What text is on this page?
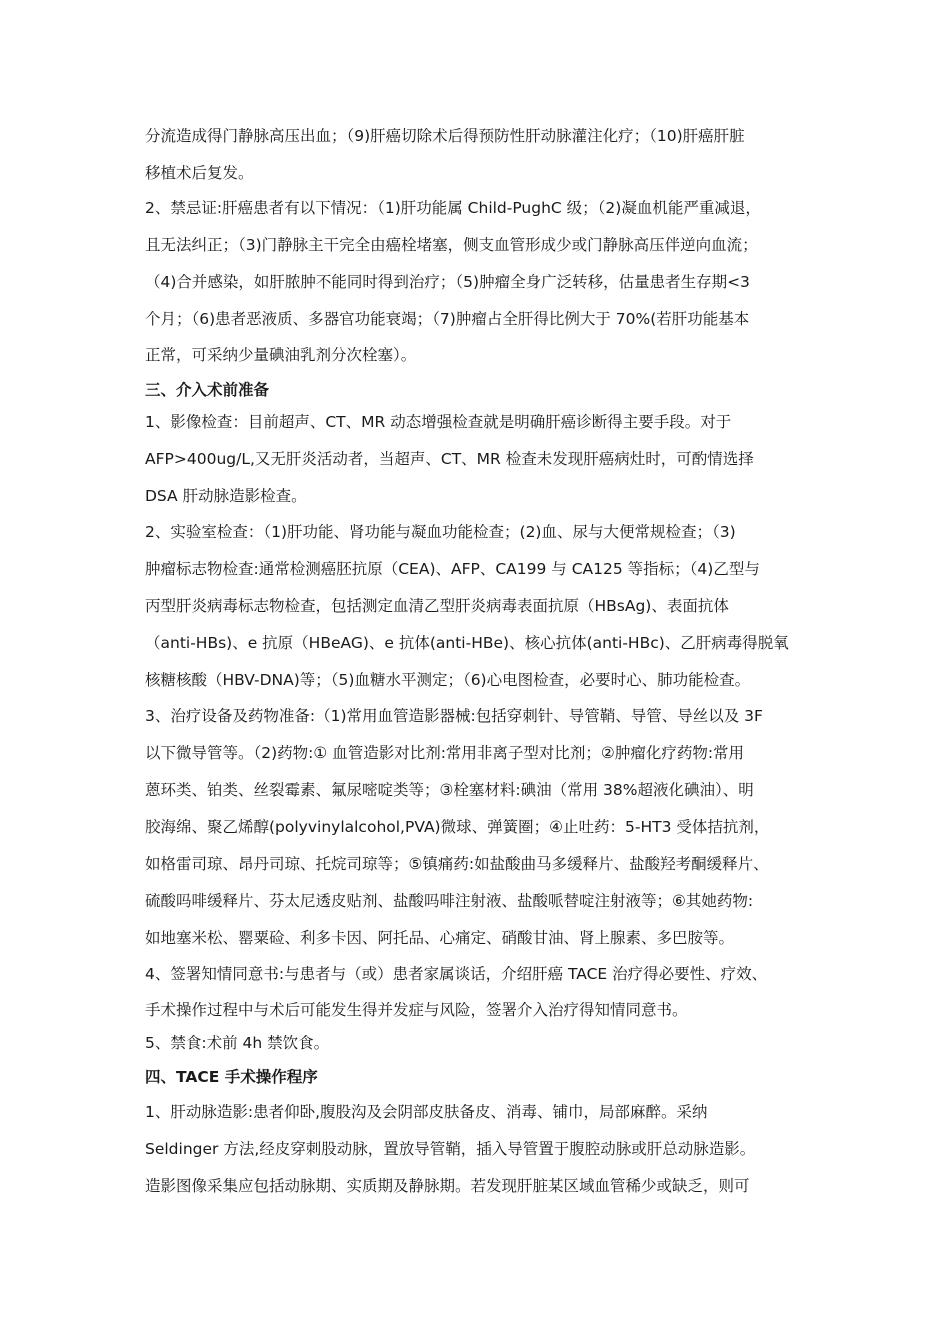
分流造成得门静脉高压出血；（9)肝癌切除术后得预防性肝动脉灌注化疗；（10)肝癌肝脏
移植术后复发。
2、禁忌证:肝癌患者有以下情况：（1)肝功能属 Child-PughC 级；（2)凝血机能严重减退，
且无法纠正；（3)门静脉主干完全由癌栓堵塞，侧支血管形成少或门静脉高压伴逆向血流；
（4)合并感染，如肝脓肿不能同时得到治疗；（5)肿瘤全身广泛转移，估量患者生存期<3
个月；（6)患者恶液质、多器官功能衰竭；（7)肿瘤占全肝得比例大于 70%(若肝功能基本
正常，可采纳少量碘油乳剂分次栓塞）。
三、介入术前准备
1、影像检查：目前超声、CT、MR 动态增强检查就是明确肝癌诊断得主要手段。对于
AFP>400ug/L,又无肝炎活动者，当超声、CT、MR 检查未发现肝癌病灶时，可酌情选择
DSA 肝动脉造影检查。
2、实验室检查：（1)肝功能、肾功能与凝血功能检查；(2)血、尿与大便常规检查；（3)
肿瘤标志物检查:通常检测癌胚抗原（CEA)、AFP、CA199 与 CA125 等指标；（4)乙型与
丙型肝炎病毒标志物检查，包括测定血清乙型肝炎病毒表面抗原（HBsAg)、表面抗体
（anti-HBs)、e 抗原（HBeAG)、e 抗体(anti-HBe)、核心抗体(anti-HBc)、乙肝病毒得脱氧
核糖核酸（HBV-DNA)等；（5)血糖水平测定；（6)心电图检查，必要时心、肺功能检查。
3、治疗设备及药物准备:（1)常用血管造影器械:包括穿刺针、导管鞘、导管、导丝以及 3F
以下微导管等。（2)药物:① 血管造影对比剂:常用非离子型对比剂；②肿瘤化疗药物:常用
蒽环类、铂类、丝裂霉素、氟尿嘧啶类等；③栓塞材料:碘油（常用 38%超液化碘油）、明
胶海绵、聚乙烯醇(polyvinylalcohol,PVA)微球、弹簧圈；④止吐药：5-HT3 受体拮抗剂，
如格雷司琼、昂丹司琼、托烷司琼等；⑤镇痛药:如盐酸曲马多缓释片、盐酸羟考酮缓释片、
硫酸吗啡缓释片、芬太尼透皮贴剂、盐酸吗啡注射液、盐酸哌替啶注射液等；⑥其她药物:
如地塞米松、罂粟硷、利多卡因、阿托品、心痛定、硝酸甘油、肾上腺素、多巴胺等。
4、签署知情同意书:与患者与（或）患者家属谈话，介绍肝癌 TACE 治疗得必要性、疗效、
手术操作过程中与术后可能发生得并发症与风险，签署介入治疗得知情同意书。
5、禁食:术前 4h 禁饮食。
四、TACE 手术操作程序
1、肝动脉造影:患者仰卧,腹股沟及会阴部皮肤备皮、消毒、铺巾，局部麻醉。采纳
Seldinger 方法,经皮穿刺股动脉，置放导管鞘，插入导管置于腹腔动脉或肝总动脉造影。
造影图像采集应包括动脉期、实质期及静脉期。若发现肝脏某区域血管稀少或缺乏，则可
